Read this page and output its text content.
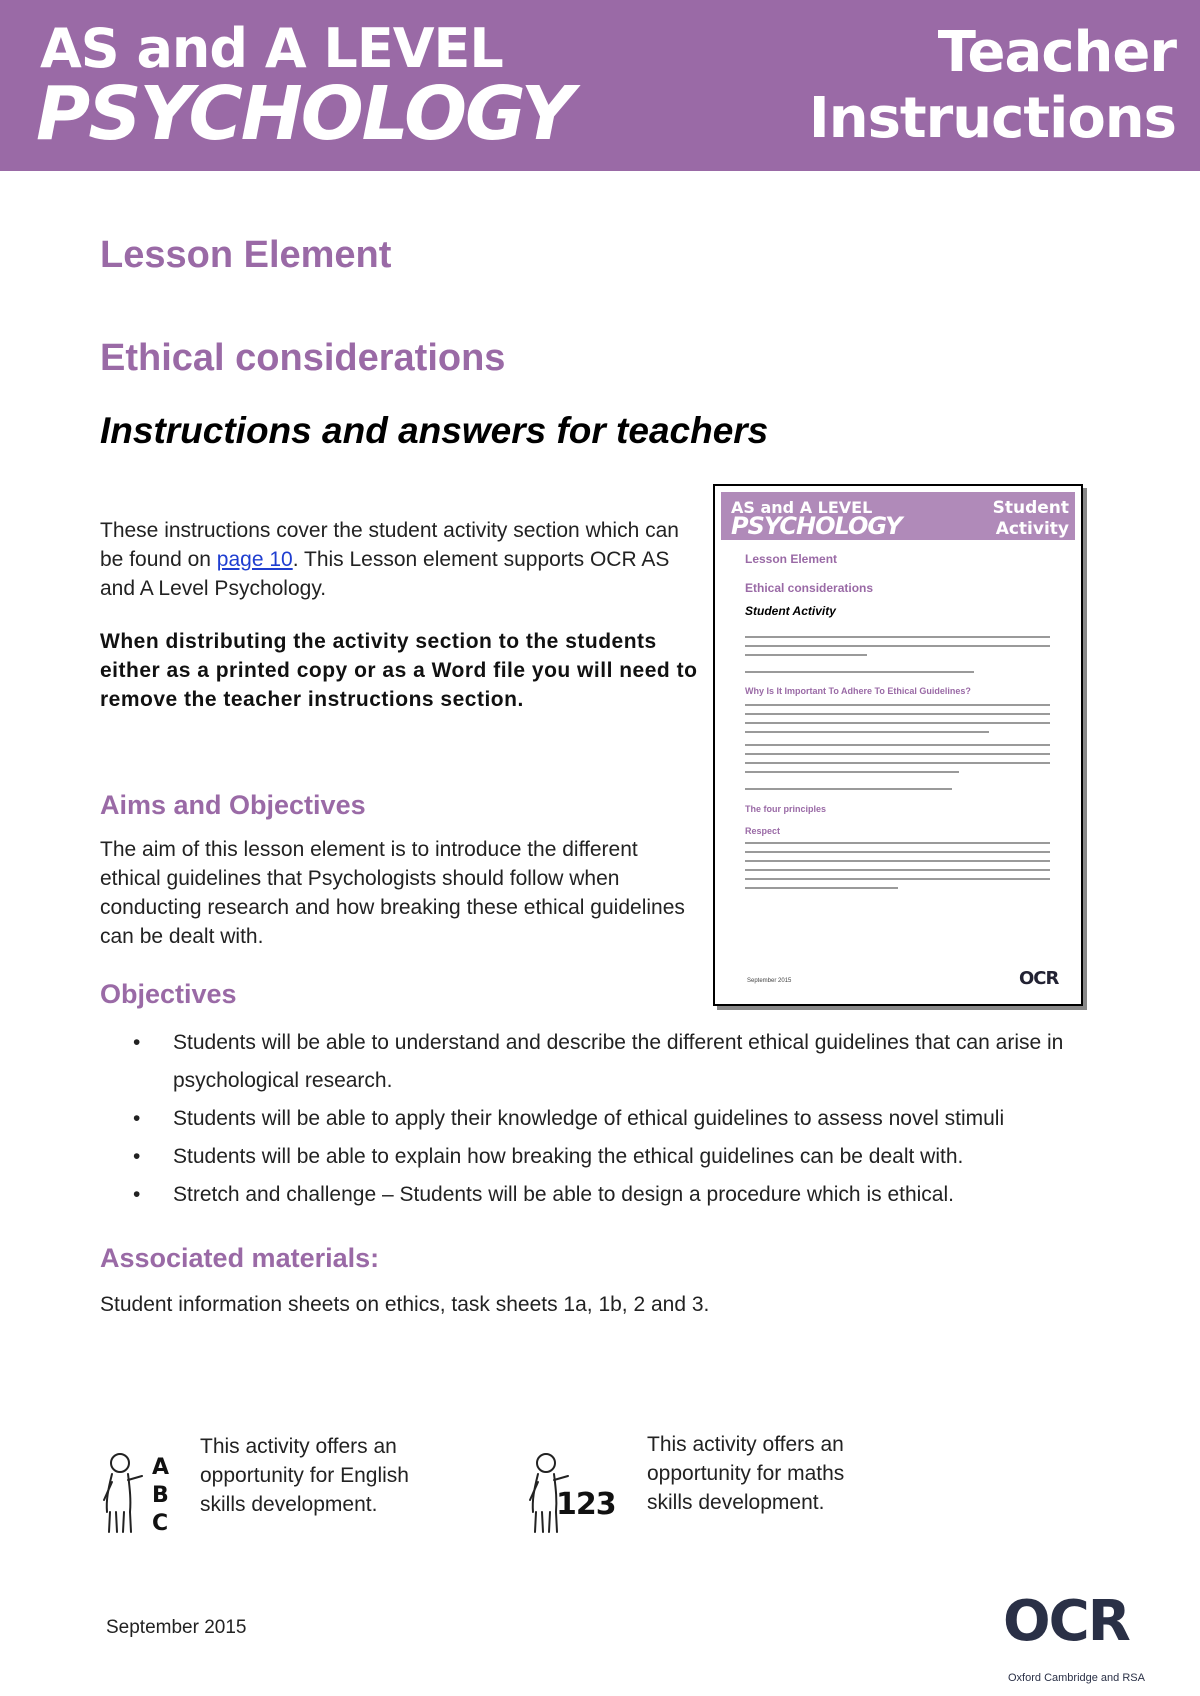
AS and A LEVEL
PSYCHOLOGY
Teacher
Instructions
Lesson Element
Ethical considerations
Instructions and answers for teachers
These instructions cover the student activity section which can be found on page 10. This Lesson element supports OCR AS and A Level Psychology.
When distributing the activity section to the students either as a printed copy or as a Word file you will need to remove the teacher instructions section.
AS and A LEVEL
PSYCHOLOGY
Student
Activity
Lesson Element
Ethical considerations
Student Activity
Why Is It Important To Adhere To Ethical Guidelines?
The four principles
Respect
September 2015	OCR
Aims and Objectives
The aim of this lesson element is to introduce the different ethical guidelines that Psychologists should follow when conducting research and how breaking these ethical guidelines can be dealt with.
Objectives
• Students will be able to understand and describe the different ethical guidelines that can arise in psychological research.
• Students will be able to apply their knowledge of ethical guidelines to assess novel stimuli
• Students will be able to explain how breaking the ethical guidelines can be dealt with.
• Stretch and challenge – Students will be able to design a procedure which is ethical.
Associated materials:
Student information sheets on ethics, task sheets 1a, 1b, 2 and 3.
A
B
C
This activity offers an opportunity for English skills development.	123
This activity offers an opportunity for maths skills development.
September 2015	OCR
Oxford Cambridge and RSA
